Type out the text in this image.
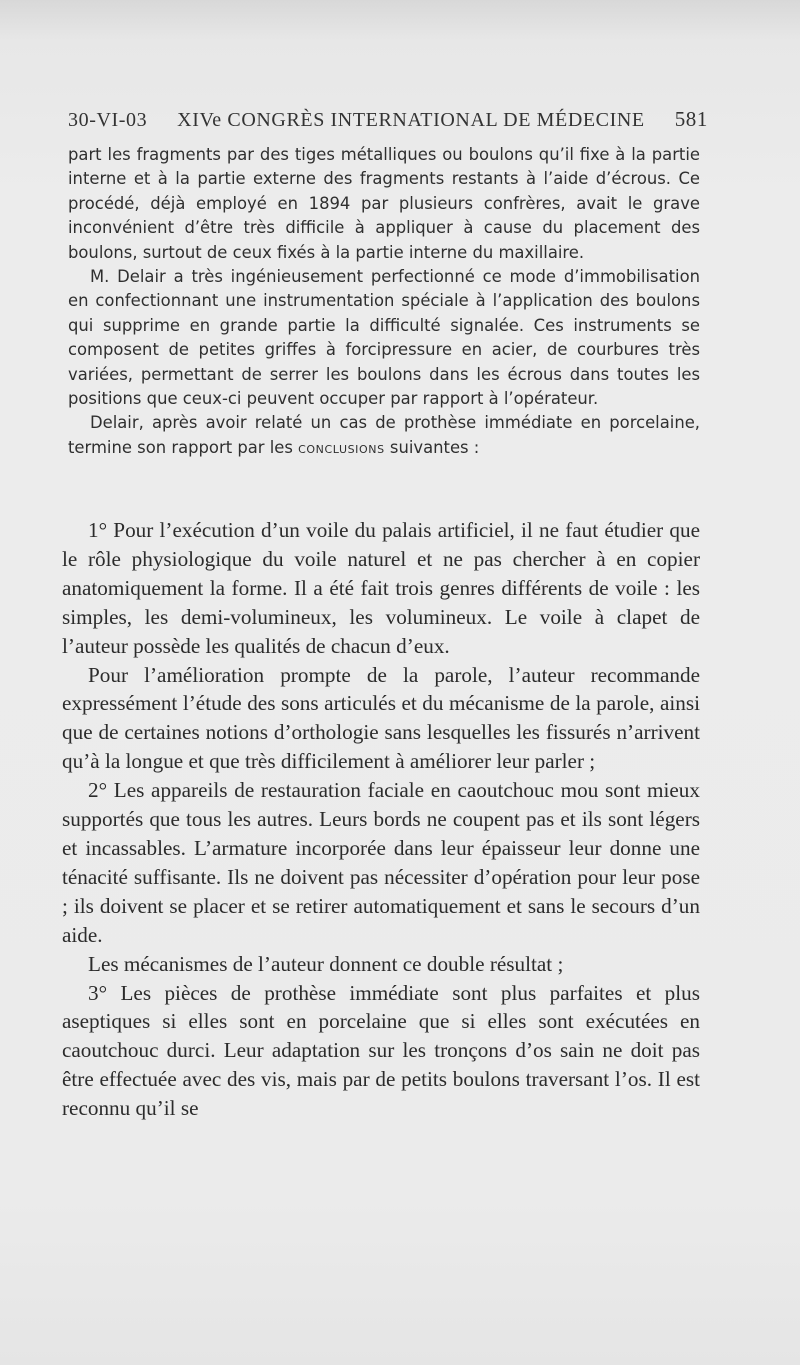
30-VI-03 XIVe CONGRÈS INTERNATIONAL DE MÉDECINE 581

part les fragments par des tiges métalliques ou boulons qu’il fixe à la partie interne et à la partie externe des fragments restants à l’aide d’écrous. Ce procédé, déjà employé en 1894 par plusieurs confrères, avait le grave inconvénient d’être très difficile à appliquer à cause du placement des boulons, surtout de ceux fixés à la partie interne du maxillaire.

M. Delair a très ingénieusement perfectionné ce mode d’immobilisation en confectionnant une instrumentation spéciale à l’application des boulons qui supprime en grande partie la difficulté signalée. Ces instruments se composent de petites griffes à forcipressure en acier, de courbures très variées, permettant de serrer les boulons dans les écrous dans toutes les positions que ceux-ci peuvent occuper par rapport à l’opérateur.

Delair, après avoir relaté un cas de prothèse immédiate en porcelaine, termine son rapport par les conclusions suivantes :

1° Pour l’exécution d’un voile du palais artificiel, il ne faut étudier que le rôle physiologique du voile naturel et ne pas chercher à en copier anatomiquement la forme. Il a été fait trois genres différents de voile : les simples, les demi-volumineux, les volumineux. Le voile à clapet de l’auteur possède les qualités de chacun d’eux.

Pour l’amélioration prompte de la parole, l’auteur recommande expressément l’étude des sons articulés et du mécanisme de la parole, ainsi que de certaines notions d’orthologie sans lesquelles les fissurés n’arrivent qu’à la longue et que très difficilement à améliorer leur parler ;

2° Les appareils de restauration faciale en caoutchouc mou sont mieux supportés que tous les autres. Leurs bords ne coupent pas et ils sont légers et incassables. L’armature incorporée dans leur épaisseur leur donne une ténacité suffisante. Ils ne doivent pas nécessiter d’opération pour leur pose ; ils doivent se placer et se retirer automatiquement et sans le secours d’un aide.

Les mécanismes de l’auteur donnent ce double résultat ;

3° Les pièces de prothèse immédiate sont plus parfaites et plus aseptiques si elles sont en porcelaine que si elles sont exécutées en caoutchouc durci. Leur adaptation sur les tronçons d’os sain ne doit pas être effectuée avec des vis, mais par de petits boulons traversant l’os. Il est reconnu qu’il se
